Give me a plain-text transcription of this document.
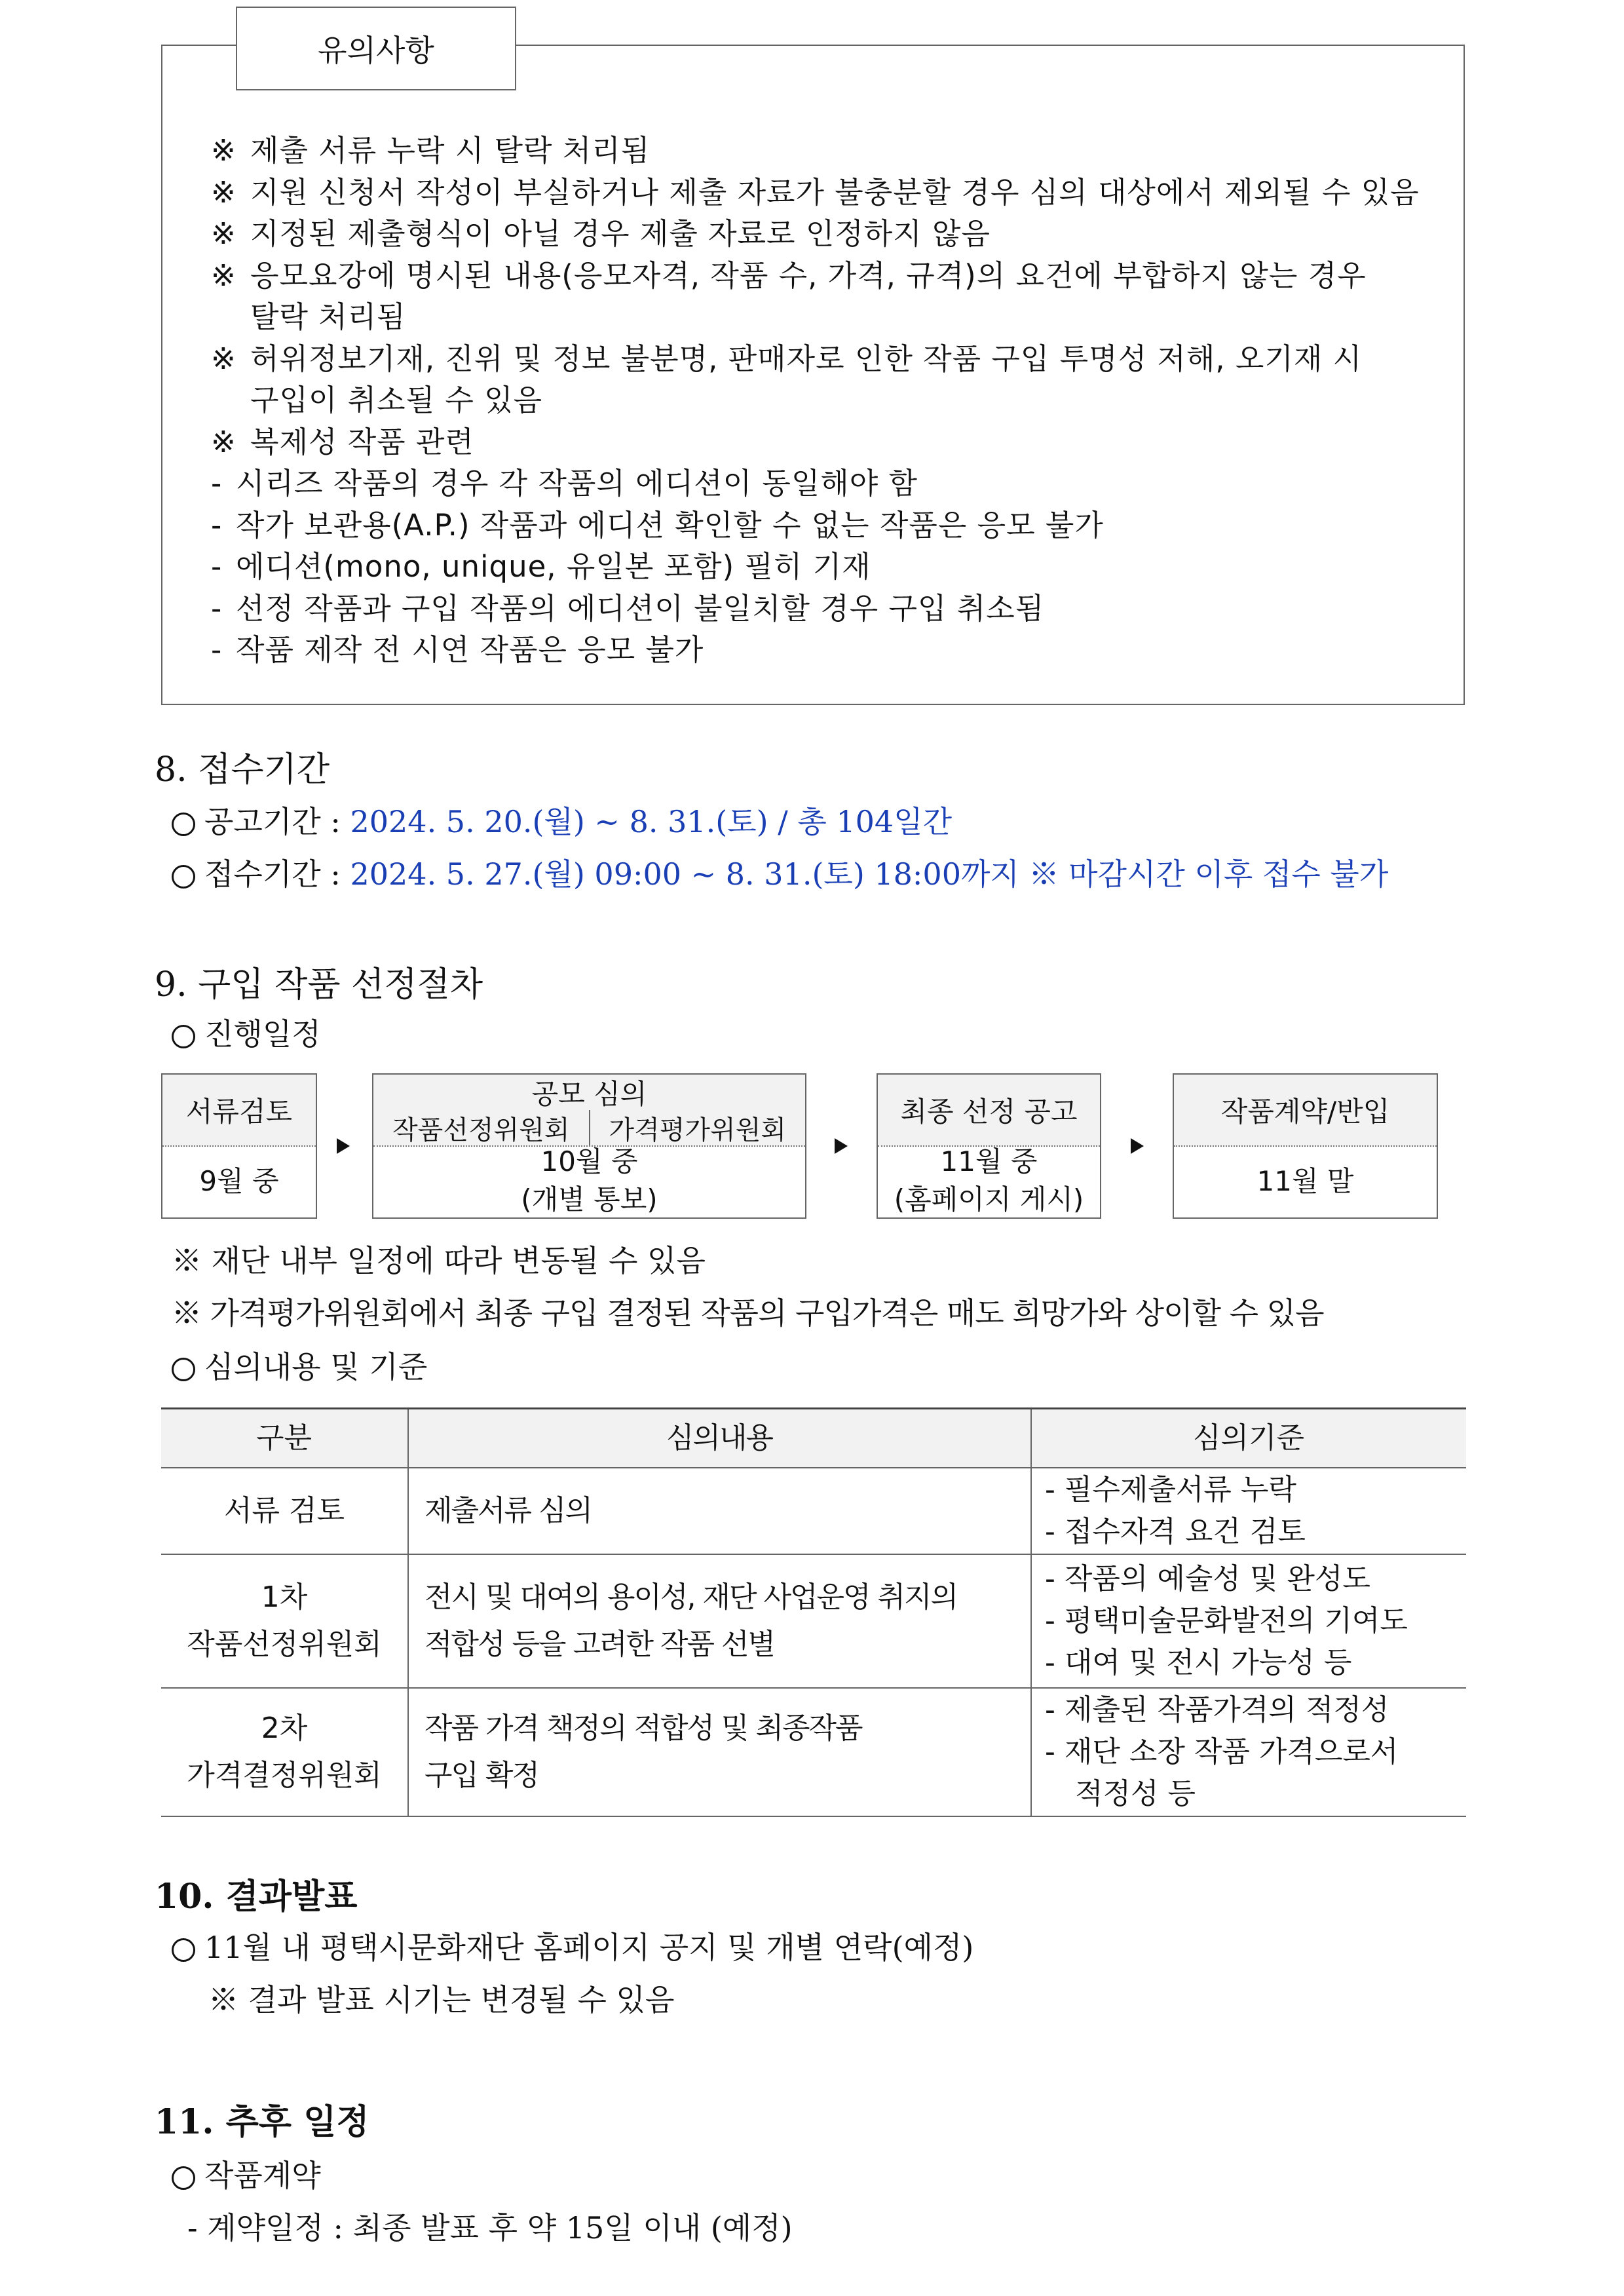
유의사항
※ 제출 서류 누락 시 탈락 처리됨
※ 지원 신청서 작성이 부실하거나 제출 자료가 불충분할 경우 심의 대상에서 제외될 수 있음
※ 지정된 제출형식이 아닐 경우 제출 자료로 인정하지 않음
※ 응모요강에 명시된 내용(응모자격, 작품 수, 가격, 규격)의 요건에 부합하지 않는 경우
탈락 처리됨
※ 허위정보기재, 진위 및 정보 불분명, 판매자로 인한 작품 구입 투명성 저해, 오기재 시
구입이 취소될 수 있음
※ 복제성 작품 관련
- 시리즈 작품의 경우 각 작품의 에디션이 동일해야 함
- 작가 보관용(A.P.) 작품과 에디션 확인할 수 없는 작품은 응모 불가
- 에디션(mono, unique, 유일본 포함) 필히 기재
- 선정 작품과 구입 작품의 에디션이 불일치할 경우 구입 취소됨
- 작품 제작 전 시연 작품은 응모 불가
8. 접수기간
공고기간 : 2024. 5. 20.(월) ~ 8. 31.(토) / 총 104일간
접수기간 : 2024. 5. 27.(월) 09:00 ~ 8. 31.(토) 18:00까지 ※ 마감시간 이후 접수 불가
9. 구입 작품 선정절차
진행일정
서류검토
9월 중
공모 심의
작품선정위원회	가격평가위원회
10월 중
(개별 통보)
최종 선정 공고
11월 중
(홈페이지 게시)
작품계약/반입
11월 말
※ 재단 내부 일정에 따라 변동될 수 있음
※ 가격평가위원회에서 최종 구입 결정된 작품의 구입가격은 매도 희망가와 상이할 수 있음
심의내용 및 기준
구분	심의내용	심의기준

서류 검토	제출서류 심의	- 필수제출서류 누락
- 접수자격 요건 검토

1차
작품선정위원회	전시 및 대여의 용이성, 재단 사업운영 취지의
적합성 등을 고려한 작품 선별	- 작품의 예술성 및 완성도
- 평택미술문화발전의 기여도
- 대여 및 전시 가능성 등

2차
가격결정위원회	작품 가격 책정의 적합성 및 최종작품
구입 확정	- 제출된 작품가격의 적정성
- 재단 소장 작품 가격으로서
적정성 등
10. 결과발표
11월 내 평택시문화재단 홈페이지 공지 및 개별 연락(예정)
※ 결과 발표 시기는 변경될 수 있음
11. 추후 일정
작품계약
- 계약일정 : 최종 발표 후 약 15일 이내 (예정)
